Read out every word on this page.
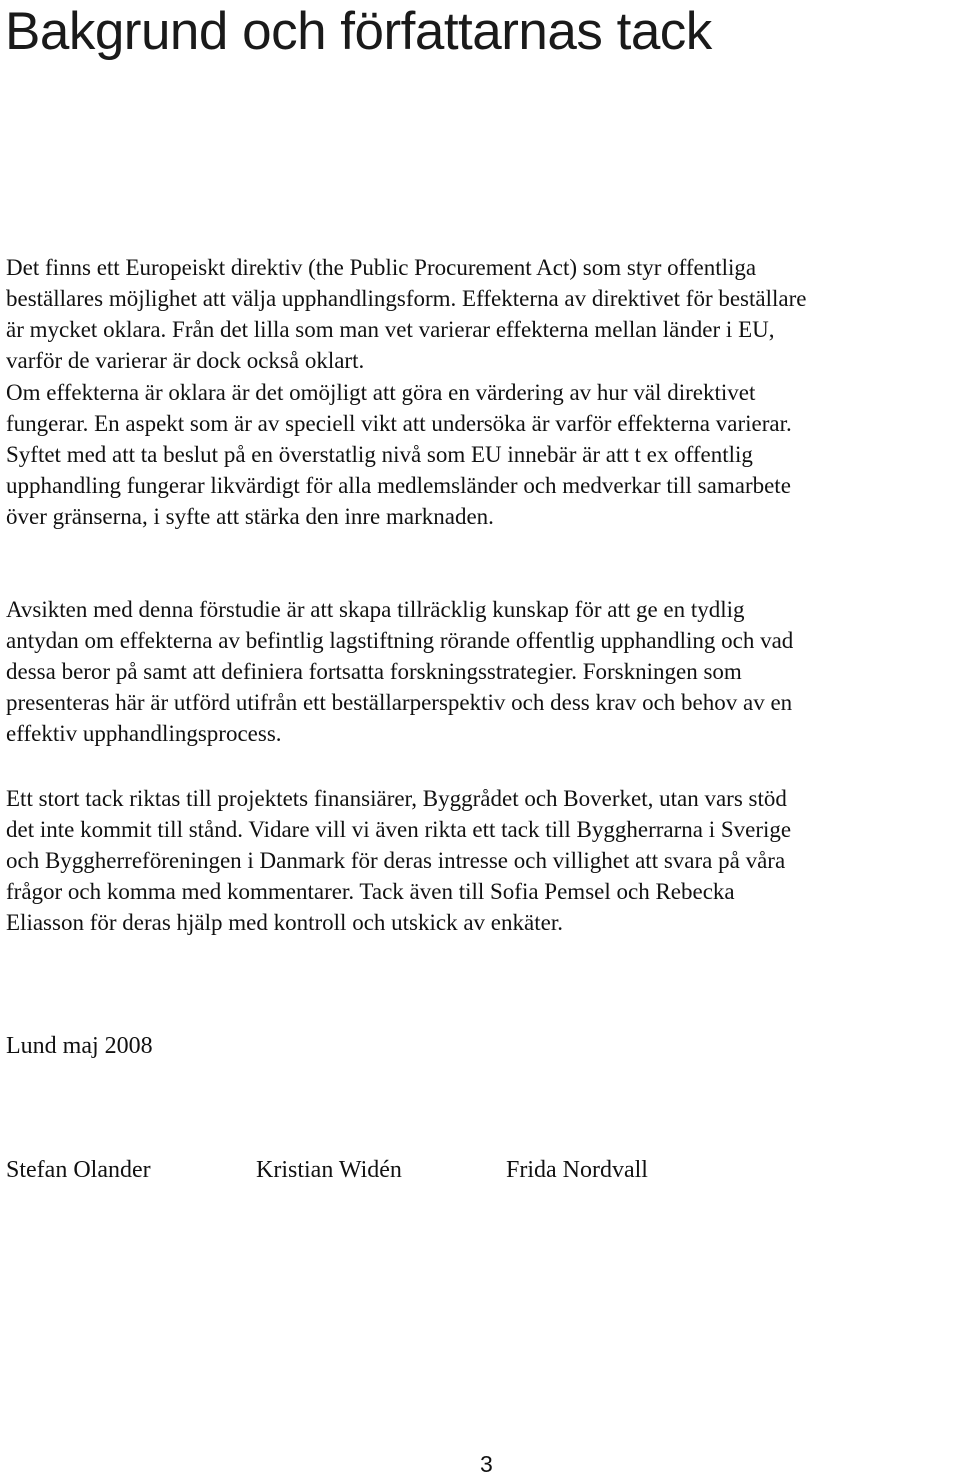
Bakgrund och författarnas tack
Det finns ett Europeiskt direktiv (the Public Procurement Act) som styr offentliga
beställares möjlighet att välja upphandlingsform. Effekterna av direktivet för beställare
är mycket oklara. Från det lilla som man vet varierar effekterna mellan länder i EU,
varför de varierar är dock också oklart.
Om effekterna är oklara är det omöjligt att göra en värdering av hur väl direktivet
fungerar. En aspekt som är av speciell vikt att undersöka är varför effekterna varierar.
Syftet med att ta beslut på en överstatlig nivå som EU innebär är att t ex offentlig
upphandling fungerar likvärdigt för alla medlemsländer och medverkar till samarbete
över gränserna, i syfte att stärka den inre marknaden.
Avsikten med denna förstudie är att skapa tillräcklig kunskap för att ge en tydlig
antydan om effekterna av befintlig lagstiftning rörande offentlig upphandling och vad
dessa beror på samt att definiera fortsatta forskningsstrategier. Forskningen som
presenteras här är utförd utifrån ett beställarperspektiv och dess krav och behov av en
effektiv upphandlingsprocess.
Ett stort tack riktas till projektets finansiärer, Byggrådet och Boverket, utan vars stöd
det inte kommit till stånd. Vidare vill vi även rikta ett tack till Byggherrarna i Sverige
och Byggherreföreningen i Danmark för deras intresse och villighet att svara på våra
frågor och komma med kommentarer. Tack även till Sofia Pemsel och Rebecka
Eliasson för deras hjälp med kontroll och utskick av enkäter.

Lund maj 2008

Stefan Olander	Kristian Widén	Frida Nordvall

3
